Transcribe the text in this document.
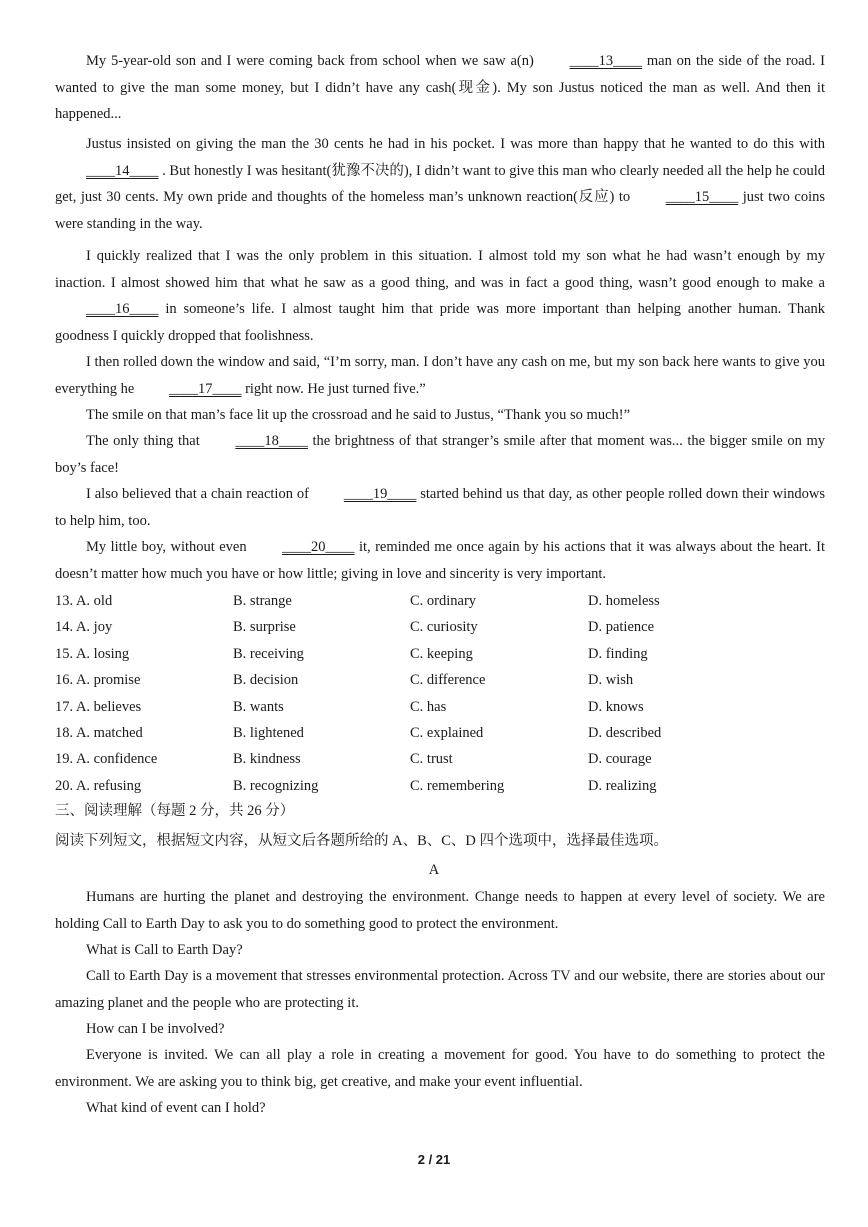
My 5-year-old son and I were coming back from school when we saw a(n) ____13____ man on the side of the road. I wanted to give the man some money, but I didn’t have any cash(现金). My son Justus noticed the man as well. And then it happened...

Justus insisted on giving the man the 30 cents he had in his pocket. I was more than happy that he wanted to do this with ____14____ . But honestly I was hesitant(犹豫不决的), I didn’t want to give this man who clearly needed all the help he could get, just 30 cents. My own pride and thoughts of the homeless man’s unknown reaction(反应) to ____15____ just two coins were standing in the way.

I quickly realized that I was the only problem in this situation. I almost told my son what he had wasn’t enough by my inaction. I almost showed him that what he saw as a good thing, and was in fact a good thing, wasn’t good enough to make a ____16____ in someone’s life. I almost taught him that pride was more important than helping another human. Thank goodness I quickly dropped that foolishness.

I then rolled down the window and said, “I’m sorry, man. I don’t have any cash on me, but my son back here wants to give you everything he ____17____ right now. He just turned five.”

The smile on that man’s face lit up the crossroad and he said to Justus, “Thank you so much!”

The only thing that ____18____ the brightness of that stranger’s smile after that moment was... the bigger smile on my boy’s face!

I also believed that a chain reaction of ____19____ started behind us that day, as other people rolled down their windows to help him, too.

My little boy, without even ____20____ it, reminded me once again by his actions that it was always about the heart. It doesn’t matter how much you have or how little; giving in love and sincerity is very important.

13. A. old	B. strange	C. ordinary	D. homeless
14. A. joy	B. surprise	C. curiosity	D. patience
15. A. losing	B. receiving	C. keeping	D. finding
16. A. promise	B. decision	C. difference	D. wish
17. A. believes	B. wants	C. has	D. knows
18. A. matched	B. lightened	C. explained	D. described
19. A. confidence	B. kindness	C. trust	D. courage
20. A. refusing	B. recognizing	C. remembering	D. realizing
三、阅读理解（每题 2 分，共 26 分）
阅读下列短文，根据短文内容，从短文后各题所给的 A、B、C、D 四个选项中，选择最佳选项。
A

Humans are hurting the planet and destroying the environment. Change needs to happen at every level of society. We are holding Call to Earth Day to ask you to do something good to protect the environment.

What is Call to Earth Day?

Call to Earth Day is a movement that stresses environmental protection. Across TV and our website, there are stories about our amazing planet and the people who are protecting it.

How can I be involved?

Everyone is invited. We can all play a role in creating a movement for good. You have to do something to protect the environment. We are asking you to think big, get creative, and make your event influential.

What kind of event can I hold?

2 / 21
